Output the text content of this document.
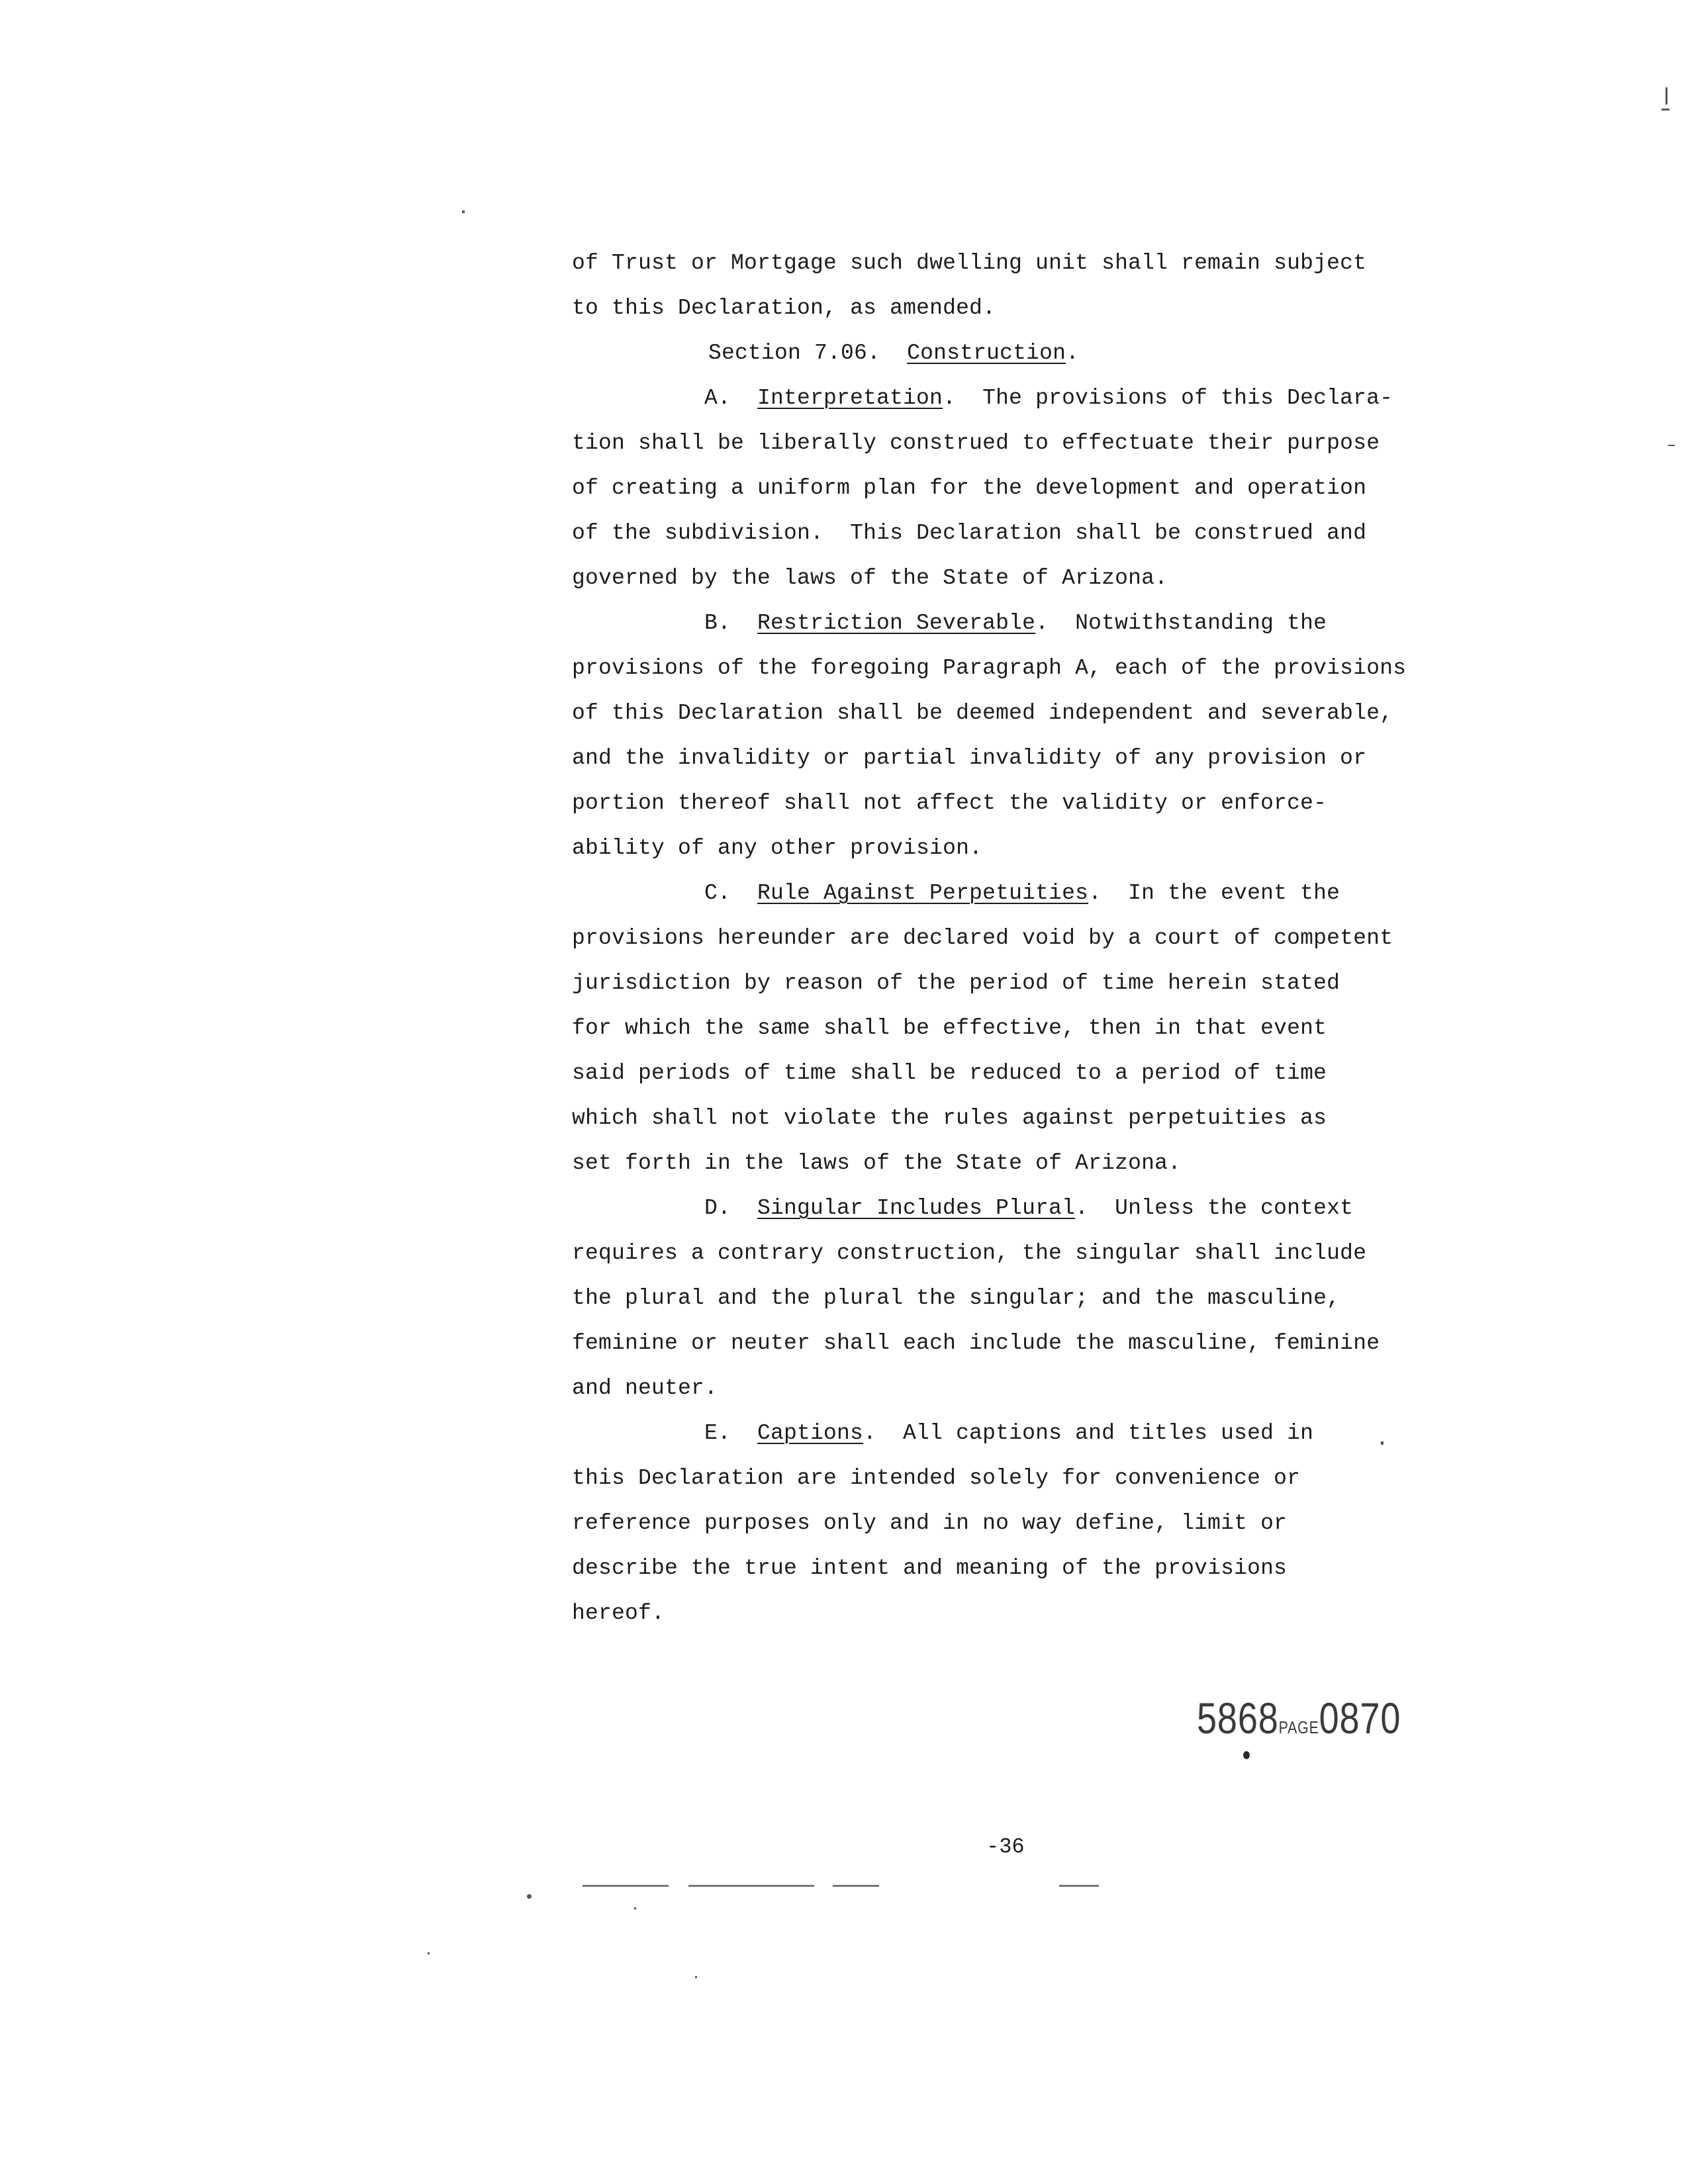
of Trust or Mortgage such dwelling unit shall remain subject
to this Declaration, as amended.
Section 7.06.  Construction.
A.  Interpretation.  The provisions of this Declara-
tion shall be liberally construed to effectuate their purpose
of creating a uniform plan for the development and operation
of the subdivision.  This Declaration shall be construed and
governed by the laws of the State of Arizona.
B.  Restriction Severable.  Notwithstanding the
provisions of the foregoing Paragraph A, each of the provisions
of this Declaration shall be deemed independent and severable,
and the invalidity or partial invalidity of any provision or
portion thereof shall not affect the validity or enforce-
ability of any other provision.
C.  Rule Against Perpetuities.  In the event the
provisions hereunder are declared void by a court of competent
jurisdiction by reason of the period of time herein stated
for which the same shall be effective, then in that event
said periods of time shall be reduced to a period of time
which shall not violate the rules against perpetuities as
set forth in the laws of the State of Arizona.
D.  Singular Includes Plural.  Unless the context
requires a contrary construction, the singular shall include
the plural and the plural the singular; and the masculine,
feminine or neuter shall each include the masculine, feminine
and neuter.
E.  Captions.  All captions and titles used in
this Declaration are intended solely for convenience or
reference purposes only and in no way define, limit or
describe the true intent and meaning of the provisions
hereof.
5868PAGE0870
-36
